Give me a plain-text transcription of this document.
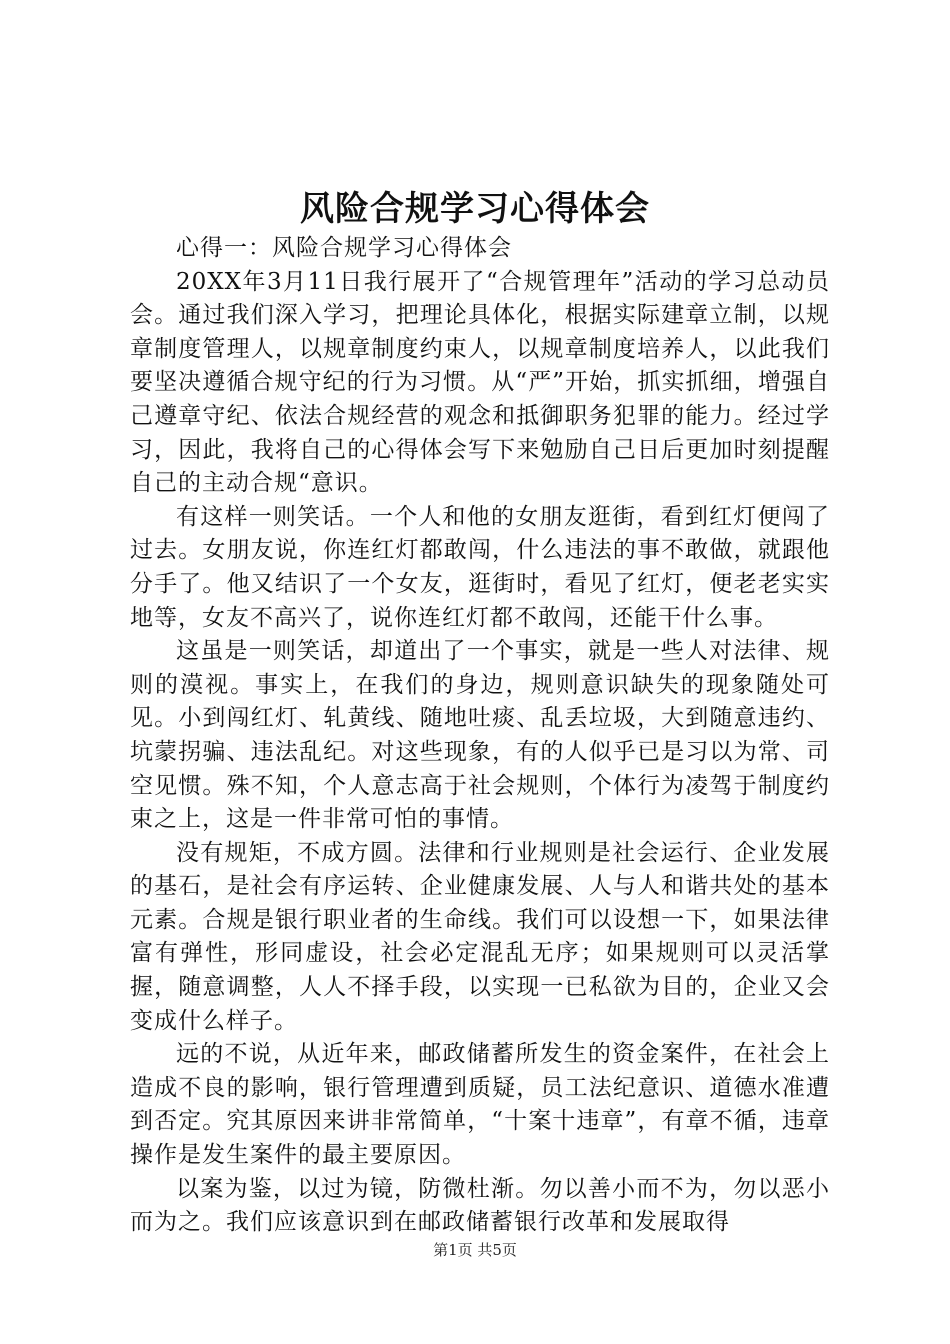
风险合规学习心得体会

心得一：风险合规学习心得体会

20XX年3月11日我行展开了“合规管理年”活动的学习总动员会。通过我们深入学习，把理论具体化，根据实际建章立制，以规章制度管理人，以规章制度约束人，以规章制度培养人，以此我们要坚决遵循合规守纪的行为习惯。从“严”开始，抓实抓细，增强自己遵章守纪、依法合规经营的观念和抵御职务犯罪的能力。经过学习，因此，我将自己的心得体会写下来勉励自己日后更加时刻提醒自己的主动合规“意识。

有这样一则笑话。一个人和他的女朋友逛街，看到红灯便闯了过去。女朋友说，你连红灯都敢闯，什么违法的事不敢做，就跟他分手了。他又结识了一个女友，逛街时，看见了红灯，便老老实实地等，女友不高兴了，说你连红灯都不敢闯，还能干什么事。

这虽是一则笑话，却道出了一个事实，就是一些人对法律、规则的漠视。事实上，在我们的身边，规则意识缺失的现象随处可见。小到闯红灯、轧黄线、随地吐痰、乱丢垃圾，大到随意违约、坑蒙拐骗、违法乱纪。对这些现象，有的人似乎已是习以为常、司空见惯。殊不知，个人意志高于社会规则，个体行为凌驾于制度约束之上，这是一件非常可怕的事情。

没有规矩，不成方圆。法律和行业规则是社会运行、企业发展的基石，是社会有序运转、企业健康发展、人与人和谐共处的基本元素。合规是银行职业者的生命线。我们可以设想一下，如果法律富有弹性，形同虚设，社会必定混乱无序；如果规则可以灵活掌握，随意调整，人人不择手段，以实现一已私欲为目的，企业又会变成什么样子。

远的不说，从近年来，邮政储蓄所发生的资金案件，在社会上造成不良的影响，银行管理遭到质疑，员工法纪意识、道德水准遭到否定。究其原因来讲非常简单，“十案十违章”，有章不循，违章操作是发生案件的最主要原因。

以案为鉴，以过为镜，防微杜渐。勿以善小而不为，勿以恶小而为之。我们应该意识到在邮政储蓄银行改革和发展取得

第1页 共5页
